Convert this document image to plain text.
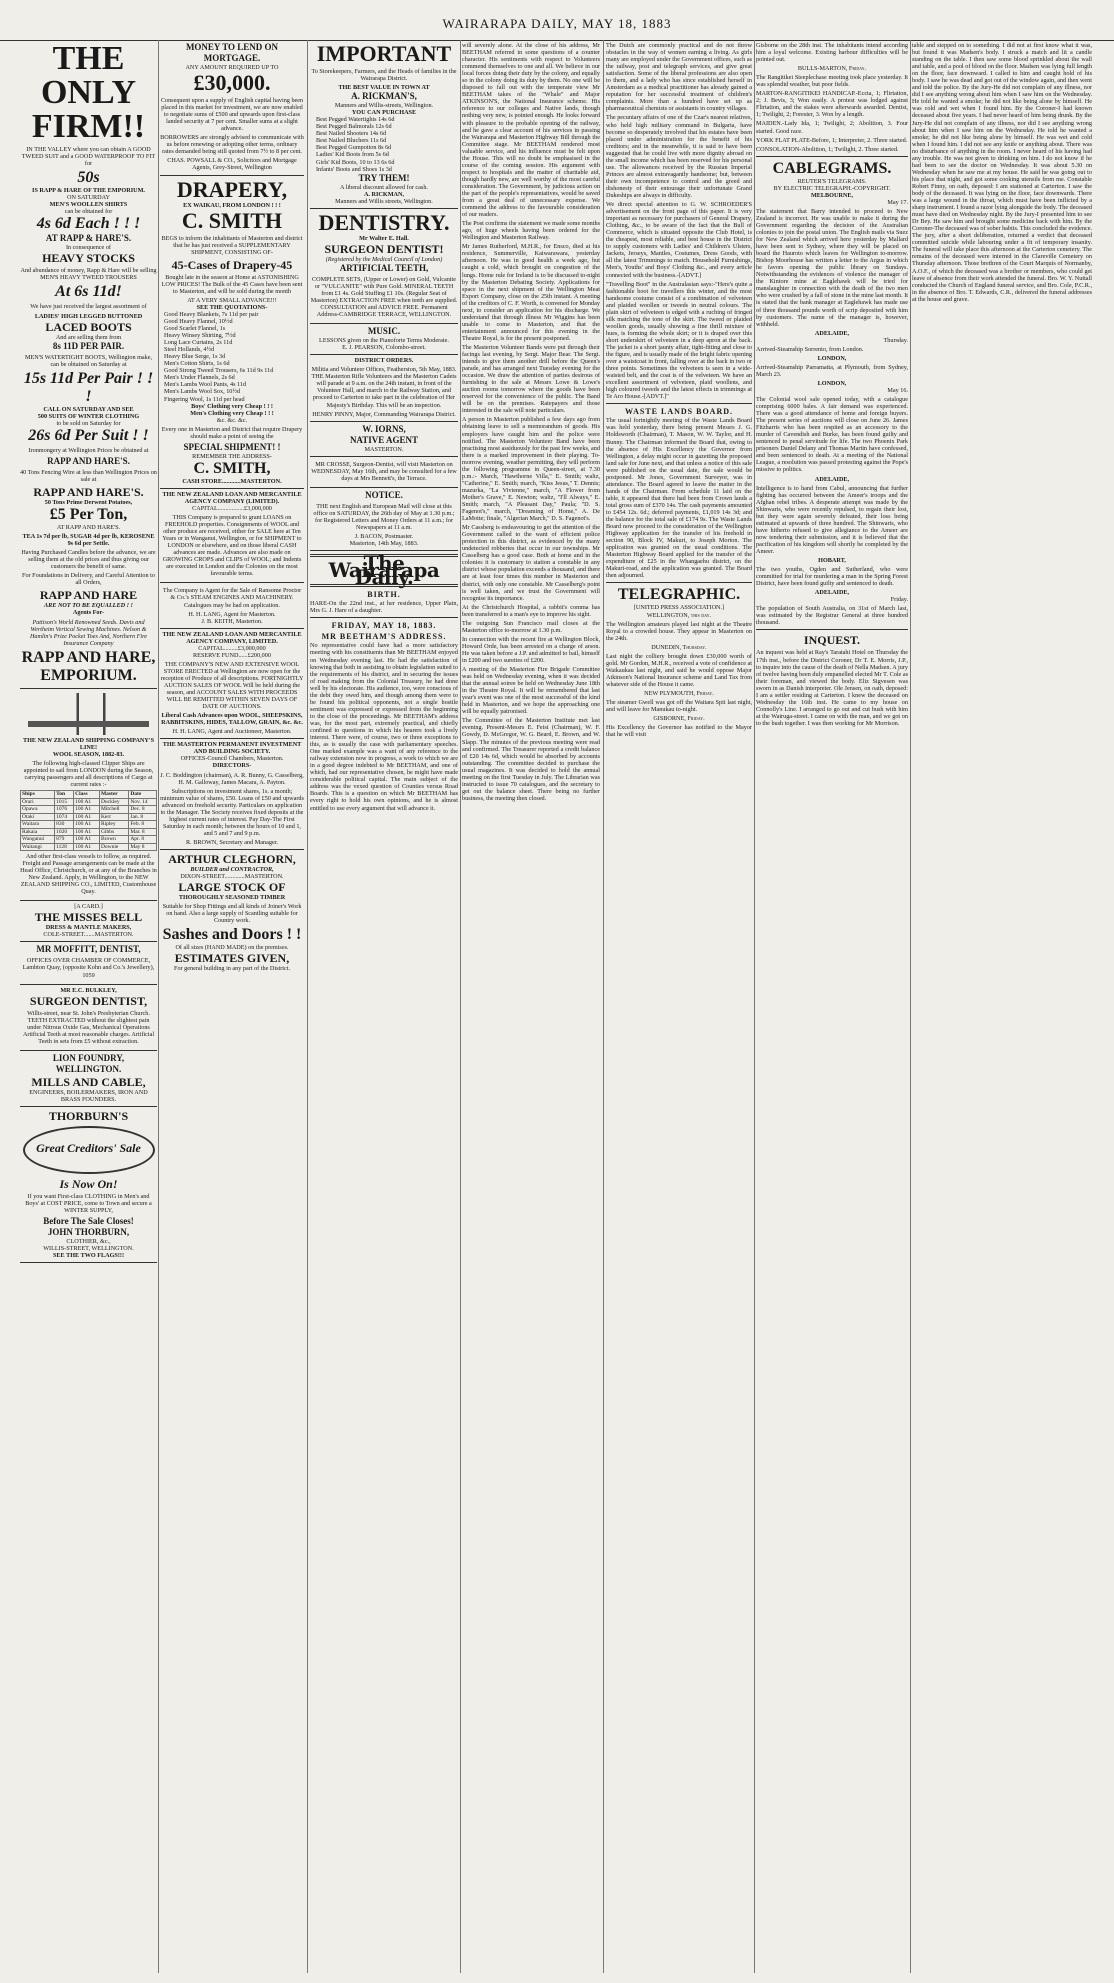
WAIRARAPA DAILY, MAY 18, 1883
THE ONLY FIRM!!
IN THE VALLEY where you can obtain A GOOD TWEED SUIT and a GOOD WATERPROOF TO FIT for
50s
IS RAPP & HARE OF THE EMPORIUM.
ON SATURDAY
MEN'S WOOLLEN SHIRTS
can be obtained for
4s 6d Each ! ! !
AT RAPP & HARE'S.
In consequence of
HEAVY STOCKS
And abundance of money, Rapp & Hare will be selling MEN'S HEAVY TWEED TROUSERS
At 6s 11d!
We have just received the largest assortment of
LADIES' HIGH LEGGED BUTTONED
LACED BOOTS
And are selling them from
8s 11D PER PAIR.
MEN'S WATERTIGHT BOOTS, Wellington make, can be obtained on Saturday at
15s 11d Per Pair ! ! !
CALL ON SATURDAY AND SEE
500 SUITS OF WINTER CLOTHING
to be sold on Saturday for
26s 6d Per Suit ! !
Ironmongery at Wellington Prices be obtained at
RAPP AND HARE'S.
40 Tons Fencing Wire at less than Wellington Prices on sale at
RAPP AND HARE'S.
50 Tons Prime Derwent Potatoes,
£5 Per Ton,
AT RAPP AND HARE'S.
TEA 1s 7d per lb, SUGAR 4d per lb, KEROSENE 9s 6d per Settle.
Having Purchased Candles before the advance, we are selling them at the old prices and thus giving our customers the benefit of same.
For Foundations in Delivery, and Careful Attention to all Orders,
RAPP AND HARE
ARE NOT TO BE EQUALLED ! !
Agents For-
Pattison's World Renowned Seeds. Davis and Wertheim Vertical Sewing Machines. Nelson & Hamlin's Prize Pocket Toes And, Northern Fire Insurance Company
RAPP AND HARE,
EMPORIUM.
THE NEW ZEALAND SHIPPING COMPANY'S LINE!
WOOL SEASON, 1882-83.
The following high-classed Clipper Ships are appointed to sail from LONDON during the Season, carrying passengers and all descriptions of Cargo at current rates :-
Ships	Ton	Class	Master	Date
Orari	1015	100 A1	Duckley	Nov. 14
Opawa	1076	100 A1	Mitchell	Dec. 8
Otaki	1074	100 A1	Kerr	Jan. 8
Waitara	830	100 A1	Ripley	Feb. 8
Rakaia	1020	100 A1	Gibbs	Mar. 8
Wanganui	879	100 A1	Brown	Apr. 8
Waitangi	1128	100 A1	Downie	May 8
And other first-class vessels to follow, as required. Freight and Passage arrangements can be made at the Head Office, Christchurch, or at any of the Branches in New Zealand. Apply, in Wellington, to the NEW ZEALAND SHIPPING CO., LIMITED, Customhouse Quay.
[A CARD.]
THE MISSES BELL
DRESS & MANTLE MAKERS,
COLE-STREET.......MASTERTON.
MR MOFFITT, DENTIST,
OFFICES OVER CHAMBER OF COMMERCE, Lambton Quay, (opposite Kohn and Co.'s Jewellery), 1059
MR E.C. BULKLEY,
SURGEON DENTIST,
Willis-street, near St. John's Presbyterian Church. TEETH EXTRACTED without the slightest pain under Nitrous Oxide Gas, Mechanical Operations Artificial Teeth at most reasonable charges. Artificial Teeth in sets from £5 without extraction.
LION FOUNDRY, WELLINGTON.
MILLS AND CABLE,
ENGINEERS, BOILERMAKERS, IRON AND BRASS FOUNDERS.
THORBURN'S
Great Creditors' Sale
Is Now On!
If you want First-class CLOTHING in Men's and Boys' at COST PRICE, come to Town and secure a WINTER SUPPLY,
Before The Sale Closes!
JOHN THORBURN,
CLOTHIER, &c.,
WILLIS-STREET, WELLINGTON.
SEE THE TWO FLAGS!!!
MONEY TO LEND ON MORTGAGE.
ANY AMOUNT REQUIRED UP TO
£30,000.
Consequent upon a supply of English capital having been placed in this market for investment, we are now enabled to negotiate sums of £500 and upwards upon first-class landed security at 7 per cent. Smaller sums at a slight advance.
BORROWERS are strongly advised to communicate with us before renewing or adopting other terms, ordinary rates demanded being still quoted from 7½ to 8 per cent.
CHAS. POWSALL & CO., Solicitors and Mortgage Agents, Grey-Street, Wellington
DRAPERY,
EX WAIKAU, FROM LONDON ! ! !
C. SMITH
BEGS to inform the inhabitants of Masterton and district that he has just received a SUPPLEMENTARY SHIPMENT, CONSISTING OF-
45-Cases of Drapery-45
Bought late in the season at Home at ASTONISHING LOW PRICES! The Bulk of the 45 Cases have been sent to Masterton, and will be sold during the month
AT A VERY SMALL ADVANCE!!!
SEE THE QUOTATIONS-
Good Heavy Blankets, 7s 11d per pair
Good Heavy Flannel, 10½d
Good Scarlet Flannel, 1s
Heavy Winsey Shirting, 7½d
Long Lace Curtains, 2s 11d
Steel Hollands, 4½d
Heavy Blue Serge, 1s 3d
Men's Cotton Shirts, 1s 6d
Good Strong Tweed Trousers, 6s 11d 9s 11d
Men's Under Flannels, 2s 6d
Men's Lambs Wool Pants, 4s 11d
Men's Lambs Wool Sox, 10½d
Fingering Wool, 1s 11d per head
Boys' Clothing very Cheap ! ! !
Men's Clothing very Cheap ! ! !
&c. &c. &c.
Every one in Masterton and District that require Drapery should make a point of seeing the
SPECIAL SHIPMENT! !
REMEMBER THE ADDRESS-
C. SMITH,
CASH STORE............MASTERTON.
THE NEW ZEALAND LOAN AND MERCANTILE AGENCY COMPANY (LIMITED).
CAPITAL.................£3,000,000
THIS Company is prepared to grant LOANS on FREEHOLD properties. Consignments of WOOL and other produce are received, either for SALE here at Ten Years or in Wanganui, Wellington, or for SHIPMENT to LONDON or elsewhere, and on those liberal CASH advances are made. Advances are also made on GROWING CROPS and CLIPS of WOOL; and Indents are executed in London and the Colonies on the most favourable terms.
The Company is Agent for the Sale of Ransome Proctor & Co.'s STEAM ENGINES AND MACHINERY. Catalogues may be had on application.
H. H. LANG, Agent for Masterton.
J. B. KEITH, Masterton.
THE NEW ZEALAND LOAN AND MERCANTILE AGENCY COMPANY, LIMITED.
CAPITAL.........£3,000,000
RESERVE FUND......£200,000
THE COMPANY'S NEW AND EXTENSIVE WOOL STORE ERECTED at Wellington are now open for the reception of Produce of all descriptions. FORTNIGHTLY AUCTION SALES OF WOOL Will be held during the season, and ACCOUNT SALES WITH PROCEEDS WILL BE REMITTED WITHIN SEVEN DAYS OF DATE OF AUCTIONS.
Liberal Cash Advances upon WOOL, SHEEPSKINS, RABBITSKINS, HIDES, TALLOW, GRAIN, &c. &c.
H. H. LANG, Agent and Auctioneer, Masterton.
THE MASTERTON PERMANENT INVESTMENT AND BUILDING SOCIETY.
OFFICES-Council Chambers, Masterton.
DIRECTORS-
J. C. Boddington (chairman), A. R. Bunny, G. Casselberg, H. M. Galloway, James Macara, A. Payton.
Subscriptions on investment shares, 1s. a month; minimum value of shares, £50. Loans of £50 and upwards advanced on freehold security. Particulars on application to the Manager. The Society receives fixed deposits at the highest current rates of interest. Pay Day-The First Saturday in each month; between the hours of 10 and 1, and 5 and 7 and 9 p.m.
R. BROWN, Secretary and Manager.
ARTHUR CLEGHORN,
BUILDER and CONTRACTOR,
DIXON-STREET.............MASTERTON.
LARGE STOCK OF
THOROUGHLY SEASONED TIMBER
Suitable for Shop Fittings and all kinds of Joiner's Work on hand. Also a large supply of Scantling suitable for Country work.
Sashes and Doors ! !
Of all sizes (HAND MADE) on the premises.
ESTIMATES GIVEN,
For general building in any part of the District.
IMPORTANT
To Storekeepers, Farmers, and the Heads of families in the Wairarapa District.
THE BEST VALUE IN TOWN AT
A. RICKMAN'S,
Manners and Willis-streets, Wellington.
YOU CAN PURCHASE
Best Pegged Watertights 14s 6d
Best Pegged Balmorals 12s 6d
Best Nailed Shooters 14s 6d
Best Nailed Bluchers 11s 6d
Best Pegged Gumpotion 8s 6d
Ladies' Kid Boots from 5s 6d
Girls' Kid Boots, 10 to 13 6s 6d
Infants' Boots and Shoes 1s 3d
TRY THEM!
A liberal discount allowed for cash.
A. RICKMAN,
Manners and Willis streets, Wellington.
DENTISTRY.
Mr Walter E. Hall.
SURGEON DENTIST!
(Registered by the Medical Council of London)
ARTIFICIAL TEETH,
COMPLETE SETS, (Upper or Lower) on Gold, Vulcanite or "VULCANITE" with Pure Gold. MINERAL TEETH from £1 4s. Gold Stuffing £1 10s. (Regular Seat of Masterton) EXTRACTION FREE when teeth are supplied. CONSULTATION and ADVICE FREE. Permanent Address-CAMBRIDGE TERRACE, WELLINGTON.
MUSIC.
LESSONS given on the Pianoforte Terms Moderate.
E. J. PEARSON, Colombo-street.
DISTRICT ORDERS.
Militia and Volunteer Offices, Featherston, 5th May, 1883. THE Masterton Rifle Volunteers and the Masterton Cadets will parade at 9 a.m. on the 24th instant, in front of the Volunteer Hall, and march to the Railway Station, and proceed to Carterton to take part in the celebration of Her Majesty's Birthday. This will be an inspection.
HENRY PINNY, Major, Commanding Wairarapa District.
W. IORNS,
NATIVE AGENT
MASTERTON.
MR CROSSE, Surgeon-Dentist, will visit Masterton on WEDNESDAY, May 16th, and may be consulted for a few days at Mrs Bennett's, the Terrace.
NOTICE.
THE next English and European Mail will close at this office on SATURDAY, the 26th day of May at 1.30 p.m.; for Registered Letters and Money Orders at 11 a.m.; for Newspapers at 11 a.m.
J. BACON, Postmaster.
Masterton, 14th May, 1883.
The Wairarapa Daily.
BIRTH.
HARE-On the 22nd inst., at her residence, Upper Plain, Mrs G. J. Hare of a daughter.
FRIDAY, MAY 18, 1883.
MR BEETHAM'S ADDRESS.
No representative could have had a more satisfactory meeting with his constituents than Mr BEETHAM enjoyed on Wednesday evening last. He had the satisfaction of knowing that both in assisting to obtain legislation suited to the requirements of his district, and in securing the issues of road making from the Colonial Treasury, he had done well by his electorate. His audience, too, were conscious of the debt they owed him, and though among them were to be found his political opponents, not a single hostile sentiment was expressed or expressed from the beginning to the close of the proceedings. Mr BEETHAM's address was, for the most part, extremely practical, and chiefly confined to questions in which his hearers took a lively interest. There were, of course, two or three exceptions to this, as is usually the case with parliamentary speeches. One marked example was a want of any reference to the railway extension now in progress, a work to which we are in a good degree indebted to Mr BEETHAM, and one of which, had our representative chosen, he might have made considerable political capital. The main subject of the address was the vexed question of Counties versus Road Boards. This is a question on which Mr BEETHAM has every right to hold his own opinions, and he is almost entitled to use every argument that will advance it.
will severely alone. At the close of his address, Mr BEETHAM referred in some questions of a counter character. His sentiments with respect to Volunteers commend themselves to one and all. We believe in our local forces doing their duty by the colony, and equally so in the colony doing its duty by them. No one will be disposed to fall out with the temperate view Mr BEETHAM takes of the "Whale" and Major ATKINSON'S, the National Insurance scheme. His reference to our colleges and Native lands, though nothing very new, is pointed enough. He looks forward with pleasure to the probable opening of the railway, and he gave a clear account of his services in passing the Wairarapa and Masterton Highway Bill through the Committee stage. Mr BEETHAM rendered most valuable service, and his influence must be felt upon the House. This will no doubt be emphasised in the course of the coming session. His argument with respect to hospitals and the matter of charitable aid, though hardly new, are well worthy of the most careful consideration. The Government, by judicious action on the part of the people's representatives, would be saved from a great deal of unnecessary expense. We commend the address to the favourable consideration of our readers.
The Post confirms the statement we made some months ago, of huge wheels having been ordered for the Wellington and Masterton Railway.
Mr James Rutherford, M.H.R., for Ensco, died at his residence, Summerville, Kaiwarawara, yesterday afternoon. He was in good health a week ago, but caught a cold, which brought on congestion of the lungs. Home rule for Ireland is to be discussed to-night by the Masterton Debating Society. Applications for space in the next shipment of the Wellington Meat Export Company, close on the 25th instant. A meeting of the creditors of C. F. Worth, is convened for Monday next, to consider an application for his discharge. We understand that through illness Mr Wiggins has been unable to come to Masterton, and that the entertainment announced for this evening in the Theatre Royal, is for the present postponed.
The Masterton Volunteer Bands were put through their facings last evening, by Sergt. Major Bear. The Sergt. intends to give them another drill before the Queen's parade, and has arranged next Tuesday evening for the occasion. We draw the attention of parties desirous of furnishing to the sale at Messrs Lowe & Lowe's auction rooms tomorrow where the goods have been reserved for the convenience of the public. The Band will be on the premises. Ratepayers and those interested in the sale will note particulars.
A person in Masterton published a few days ago from obtaining leave to sell a memorandum of goods. His employers have caught him and the police were notified. The Masterton Volunteer Band have been practising most assiduously for the past few weeks, and there is a marked improvement in their playing. To-morrow evening, weather permitting, they will perform the following programme in Queen-street, at 7.30 p.m.:- March, "Hawthorne Villa," E. Smith; waltz, "Catherine," E. Smith; march, "Kiss Jesus," T. Dennis; mazurka, "La Vivienne," march, "A Flower from Mother's Grave," E. Newton; waltz, "I'll Always," E. Smith; march, "A Pleasant Day," Paula; "D. S. Fagenot's," march, "Dreaming of Home," A. De LaMotte; finale, "Algerian March," D. S. Fagenot's.
Mr Cassberg is endeavouring to get the attention of the Government called to the want of efficient police protection in this district, as evidenced by the many undetected robberies that occur in our townships. Mr Casselberg has a good case. Both at home and in the colonies it is customary to station a constable in any district whose population exceeds a thousand, and there are at least four times this number in Masterton and district, with only one constable. Mr Casselberg's point is well taken, and we trust the Government will recognise its importance.
At the Christchurch Hospital, a rabbit's comma has been transferred to a man's eye to improve his sight.
The outgoing Sun Francisco mail closes at the Masterton office to-morrow at 1.30 p.m.
In connection with the recent fire at Wellington Block, Howard Orde, has been arrested on a charge of arson. He was taken before a J.P. and admitted to bail, himself in £200 and two sureties of £200.
A meeting of the Masterton Fire Brigade Committee was held on Wednesday evening, when it was decided that the annual soiree be held on Wednesday June 18th in the Theatre Royal. It will be remembered that last year's event was one of the most successful of the kind held in Masterton, and we hope the approaching one will be equally patronised.
The Committee of the Masterton Institute met last evening. Present-Messrs E. Feist (Chairman), W. F. Gowdy, D. McGregor, W. G. Beard, E. Brown, and W. Slapp. The minutes of the previous meeting were read and confirmed. The Treasurer reported a credit balance of £20 14s 6d, which would be absorbed by accounts outstanding. The committee decided to purchase the usual magazines. It was decided to hold the annual meeting on the first Tuesday in July. The Librarian was instructed to issue 70 catalogues, and the secretary to get out the balance sheet. There being no further business, the meeting then closed.
The Dutch are commonly practical and do not throw obstacles in the way of women earning a living. As girls many are employed under the Government offices, such as the railway, post and telegraph services, and give great satisfaction. Some of the liberal professions are also open to them, and a lady who has since established herself in Amsterdam as a medical practitioner has already gained a reputation for her successful treatment of children's complaints. More than a hundred have set up as pharmaceutical chemists or assistants in country villages.
The pecuniary affairs of one of the Czar's nearest relatives, who held high military command in Bulgaria, have become so desperately involved that his estates have been placed under administration for the benefit of his creditors; and in the meanwhile, it is said to have been suggested that he could live with more dignity abroad on the small income which has been reserved for his personal use. The allowances received by the Russian Imperial Princes are almost extravagantly handsome; but, between their own incompetence to control and the greed and dishonesty of their entourage their unfortunate Grand Dukeships are always in difficulty.
We direct special attention to G. W. SCHROEDER'S advertisement on the front page of this paper. It is very important as necessary for purchasers of General Drapery, Clothing, &c., to be aware of the fact that the Bull of Commerce, which is situated opposite the Club Hotel, is the cheapest, most reliable, and best house in the District to supply customers with Ladies' and Children's Ulsters, Jackets, Jerseys, Mantles, Costumes, Dress Goods, with all the latest Trimmings to match. Household Furnishings, Men's, Youths' and Boys' Clothing &c., and every article connected with the business.-[ADVT.]
"Travelling Boot" in the Australasian says:-"Here's quite a fashionable boot for travellers this winter, and the most handsome costume consist of a combination of velveteen and plaided woollen or tweeds in neutral colours. The plain skirt of velveteen is edged with a ruching of fringed silk matching the tone of the skirt. The tweed or plaided woollen goods, usually showing a fine thrill mixture of hues, is forming the whole skirt; or it is draped over this short underskirt of velveteen in a deep apron at the back. The jacket is a short jaunty affair, tight-fitting and close to the figure, and is usually made of the bright fabric opening over a waistcoat in front, falling over at the back in two or three points. Sometimes the velveteen is seen in a wide-waisted belt, and the coat is of the velveteen. We have an excellent assortment of velveteen, plaid woollens, and high coloured tweeds and the latest effects in trimmings at Te Aro House.-[ADVT.]"
WASTE LANDS BOARD.
The usual fortnightly meeting of the Waste Lands Board was held yesterday, there being present Messrs J. G. Holdsworth (Chairman), T. Mason, W. W. Taylor, and H. Bunny. The Chairman informed the Board that, owing to the absence of His Excellency the Governor from Wellington, a delay might occur in gazetting the proposed land sale for June next, and that unless a notice of this sale were published on the usual date, the sale would be postponed. Mr Jones, Government Surveyor, was in attendance. The Board agreed to leave the matter in the hands of the Chairman. From schedule 11 laid on the table, it appeared that there had been from Crown lands a total gross sum of £370 14s. The cash payments amounted to £454 12s. 6d.; deferred payments, £1,019 14s 3d; and the balance for the total sale of £174 9s. The Waste Lands Board now proceed to the consideration of the Wellington Highway application for the transfer of his freehold in section 90, Block IV, Makuri, to Joseph Morton. The application was granted on the usual conditions. The Masterton Highway Board applied for the transfer of the expenditure of £25 in the Whangaehu district, on the Makuri-road, and the application was granted. The Board then adjourned.
TELEGRAPHIC.
[UNITED PRESS ASSOCIATION.]
WELLINGTON, this day.
The Wellington amateurs played last night at the Theatre Royal to a crowded house. They appear in Masterton on the 24th.
DUNEDIN, Thursday.
Last night the colliery brought down £30,000 worth of gold. Mr Gordon, M.H.R., received a vote of confidence at Waikaukau last night, and said he would oppose Major Atkinson's National Insurance scheme and Land Tax from whatever side of the House it came.
NEW PLYMOUTH, Friday.
The steamer Gwell was got off the Waitara Spit last night, and will leave for Manukau to-night.
GISBORNE, Friday.
His Excellency the Governor has notified to the Mayor that he will visit
Gisborne on the 28th inst. The inhabitants intend according him a loyal welcome. Existing harbour difficulties will be pointed out.
BULLS-MARTON, Friday.
The Rangitikei Steeplechase meeting took place yesterday. It was splendid weather, but poor fields.
MARTON-RANGITIKEI HANDICAP.-Eccta, 1; Flirtation, 2; J. Bevis, 3; Won easily. A protest was lodged against Flirtation, and the stakes were afterwards awarded. Dentist, 1; Twilight, 2; Forester, 3. Won by a length.
MAIDEN.-Lady Ida, 1; Twilight, 2; Abolition, 3. Four started. Good race.
YORK FLAT PLATE-Before, 1; Interpreter, 2. Three started.
CONSOLATION-Abolition, 1; Twilight, 2. Three started.
CABLEGRAMS.
REUTER'S TELEGRAMS.
BY ELECTRIC TELEGRAPH.-COPYRIGHT.
MELBOURNE,
May 17.
The statement that Barry intended to proceed to New Zealand is incorrect. He was unable to make it during the Government regarding the decision of the Australian colonies to join the postal union. The English mails via Suez for New Zealand which arrived here yesterday by Mallard have been sent to Sydney, where they will be placed on board the Hauroto which leaves for Wellington to-morrow. Bishop Moorhouse has written a letter to the Argus in which he favors opening the public library on Sundays. Notwithstanding the evidences of violence the manager of the Kintore mine at Eaglehawk will be tried for manslaughter in connection with the death of the two men who were crushed by a fall of stone in the mine last month. It is stated that the bank manager at Eaglehawk has made use of three thousand pounds worth of scrip deposited with him by customers. The name of the manager is, however, withheld.
ADELAIDE,
Thursday.
Arrived-Steamship Sorrento, from London.
LONDON,
Arrived-Steamship Parramatta, at Plymouth, from Sydney, March 23.
LONDON,
May 16.
The Colonial wool sale opened today, with a catalogue comprising 6000 bales. A fair demand was experienced. There was a good attendance of home and foreign buyers. The present series of auctions will close on June 26. James Fitzharris who has been respited as an accessory to the murder of Cavendish and Burke, has been found guilty and sentenced to penal servitude for life. The two Phoenix Park prisoners Daniel Delany and Thomas Martin have confessed, and been sentenced to death. At a meeting of the National League, a resolution was passed protesting against the Pope's missive to politics.
ADELAIDE,
Intelligence is to hand from Cabul, announcing that further fighting has occurred between the Ameer's troops and the Afghan rebel tribes. A desperate attempt was made by the Shinwaris, who were recently repulsed, to regain their lost, but they were again severely defeated, their loss being estimated at upwards of three hundred. The Shinwaris, who have hitherto refused to give allegiance to the Ameer are now tendering their submission, and it is believed that the pacification of his kingdom will shortly be completed by the Ameer.
HOBART,
The two youths, Ogden and Sutherland, who were committed for trial for murdering a man in the Spring Forest District, have been found guilty and sentenced to death.
ADELAIDE,
Friday.
The population of South Australia, on 31st of March last, was estimated by the Registrar General at three hundred thousand.
INQUEST.
An inquest was held at Ray's Taratahi Hotel on Thursday the 17th inst., before the District Coroner, Dr T. E. Morris, J.P., to inquire into the cause of the death of Nella Madsen. A jury of twelve having been duly empanelled elected Mr T. Cole as their foreman, and viewed the body. Eliz Sigvesen was sworn in as Danish interpreter. Ole Jensen, on oath, deposed: I am a settler residing at Carterton. I knew the deceased on Wednesday the 16th inst. He came to my house on Connolly's Line. I arranged to go out and cut bush with him at the Wairuga-street. I came on with the man, and we got on to the bush together. I was then working for Mr Morrison.
table and stepped on to something. I did not at first know what it was, but found it was Madsen's body. I struck a match and lit a candle standing on the table. I then saw some blood sprinkled about the wall and table, and a pool of blood on the floor. Madsen was lying full length on the floor, face downward. I called to him and caught hold of his body. I saw he was dead and got out of the window again, and then went and told the police. By the Jury-He did not complain of any illness, nor did I see anything wrong about him when I saw him on the Wednesday. He told he wanted a smoke; he did not like being alone by himself. He was cold and wet when I found him. By the Coroner-I had known deceased about five years. I had never heard of him being drunk. By the Jury-He did not complain of any illness, nor did I see anything wrong about him when I saw him on the Wednesday. He told he wanted a smoke; he did not like being alone by himself. He was wet and cold when I found him. I did not see any knife or anything about. There was no disturbance of anything in the room. I never heard of his having had any trouble. He was not given to drinking on him. I do not know if he had been to see the doctor on Wednesday. It was about 5.30 on Wednesday when he saw me at my house. He said he was going out to his place that night, and got some cooking utensils from me. Constable Robert Finny, on oath, deposed: I am stationed at Carterton. I saw the body of the deceased. It was lying on the floor, face downwards. There was a large wound in the throat, which must have been inflicted by a sharp instrument. I found a razor lying alongside the body. The deceased must have died on Wednesday night. By the Jury-I presented him to see Dr Bey. He saw him and brought some medicine back with him. By the Coroner-The deceased was of sober habits. This concluded the evidence. The jury, after a short deliberation, returned a verdict that deceased committed suicide while labouring under a fit of temporary insanity. The funeral will take place this afternoon at the Carterton cemetery. The remains of the deceased were interred in the Clareville Cemetery on Thursday afternoon. Those brethren of the Court Marquis of Normanby, A.O.F., of which the deceased was a brother or members, who could get leave of absence from their work attended the funeral. Bro. W. Y. Nuttall conducted the Church of England funeral service, and Bro. Cole, P.C.R., in the absence of Bro. T. Edwards, C.R., delivered the funeral addresses at the house and grave.
